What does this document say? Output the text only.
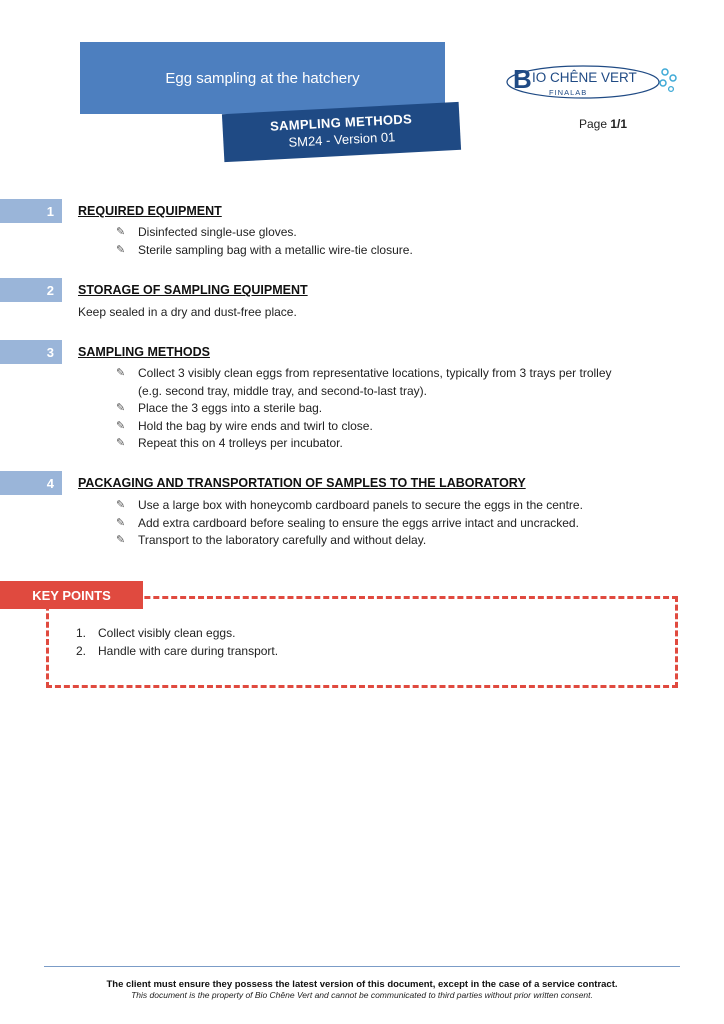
Egg sampling at the hatchery
SAMPLING METHODS
SM24 - Version 01
B IO CHÊNE VERT
FINALAB
Page 1/1
1 REQUIRED EQUIPMENT
✎	Disinfected single-use gloves.
✎	Sterile sampling bag with a metallic wire-tie closure.
2 STORAGE OF SAMPLING EQUIPMENT
Keep sealed in a dry and dust-free place.
3 SAMPLING METHODS
✎	Collect 3 visibly clean eggs from representative locations, typically from 3 trays per trolley (e.g. second tray, middle tray, and second-to-last tray).
✎	Place the 3 eggs into a sterile bag.
✎	Hold the bag by wire ends and twirl to close.
✎	Repeat this on 4 trolleys per incubator.
4 PACKAGING AND TRANSPORTATION OF SAMPLES TO THE LABORATORY
✎	Use a large box with honeycomb cardboard panels to secure the eggs in the centre.
✎	Add extra cardboard before sealing to ensure the eggs arrive intact and uncracked.
✎	Transport to the laboratory carefully and without delay.
KEY POINTS
1. Collect visibly clean eggs.
2. Handle with care during transport.
The client must ensure they possess the latest version of this document, except in the case of a service contract.
This document is the property of Bio Chêne Vert and cannot be communicated to third parties without prior written consent.
